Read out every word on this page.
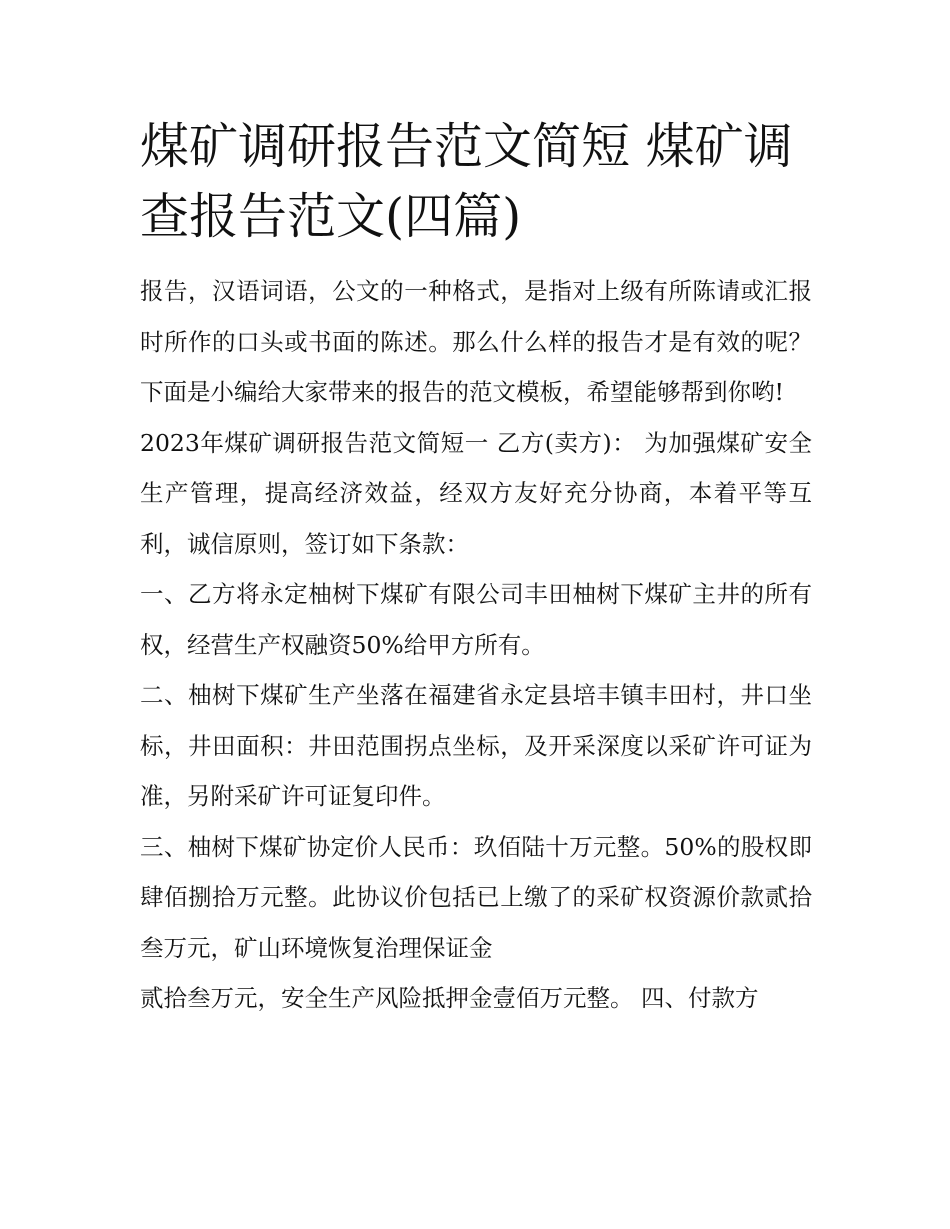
煤矿调研报告范文简短 煤矿调查报告范文(四篇)

报告，汉语词语，公文的一种格式，是指对上级有所陈请或汇报时所作的口头或书面的陈述。那么什么样的报告才是有效的呢？下面是小编给大家带来的报告的范文模板，希望能够帮到你哟!

2023年煤矿调研报告范文简短一 乙方(卖方)： 为加强煤矿安全生产管理，提高经济效益，经双方友好充分协商，本着平等互利，诚信原则，签订如下条款：

一、乙方将永定柚树下煤矿有限公司丰田柚树下煤矿主井的所有权，经营生产权融资50%给甲方所有。

二、柚树下煤矿生产坐落在福建省永定县培丰镇丰田村，井口坐标，井田面积：井田范围拐点坐标，及开采深度以采矿许可证为准，另附采矿许可证复印件。

三、柚树下煤矿协定价人民币：玖佰陆十万元整。50%的股权即肆佰捌拾万元整。此协议价包括已上缴了的采矿权资源价款贰拾叁万元，矿山环境恢复治理保证金

贰拾叁万元，安全生产风险抵押金壹佰万元整。 四、付款方
